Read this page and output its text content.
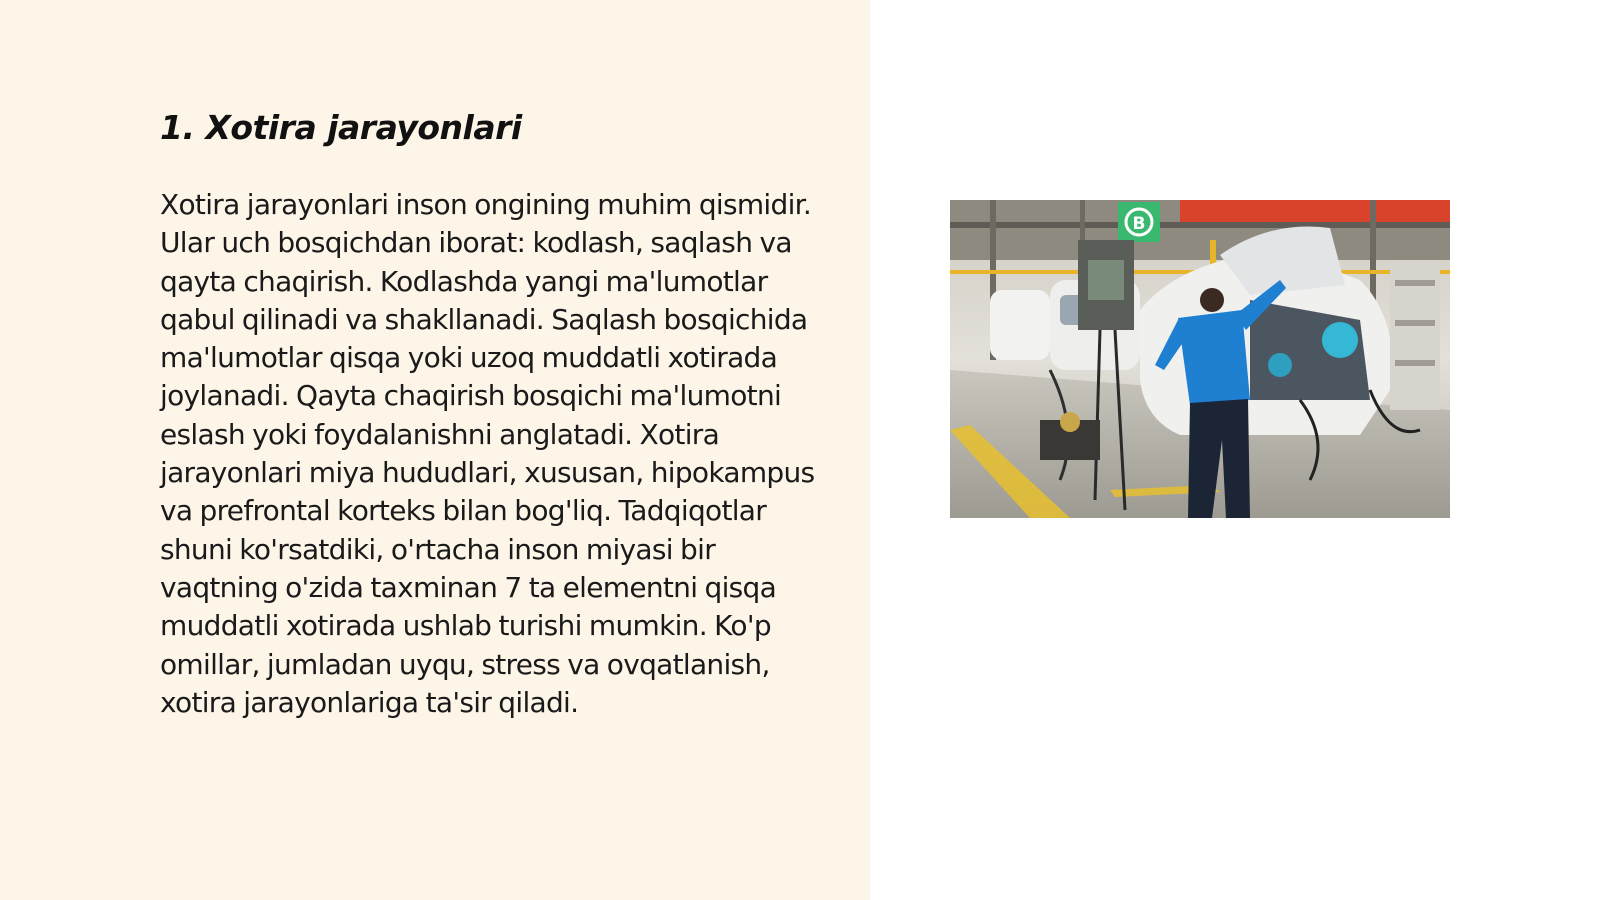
1. Xotira jarayonlari

Xotira jarayonlari inson ongining muhim qismidir. Ular uch bosqichdan iborat: kodlash, saqlash va qayta chaqirish. Kodlashda yangi ma'lumotlar qabul qilinadi va shakllanadi. Saqlash bosqichida ma'lumotlar qisqa yoki uzoq muddatli xotirada joylanadi. Qayta chaqirish bosqichi ma'lumotni eslash yoki foydalanishni anglatadi. Xotira jarayonlari miya hududlari, xususan, hipokampus va prefrontal korteks bilan bog'liq. Tadqiqotlar shuni ko'rsatdiki, o'rtacha inson miyasi bir vaqtning o'zida taxminan 7 ta elementni qisqa muddatli xotirada ushlab turishi mumkin. Ko'p omillar, jumladan uyqu, stress va ovqatlanish, xotira jarayonlariga ta'sir qiladi.

B
